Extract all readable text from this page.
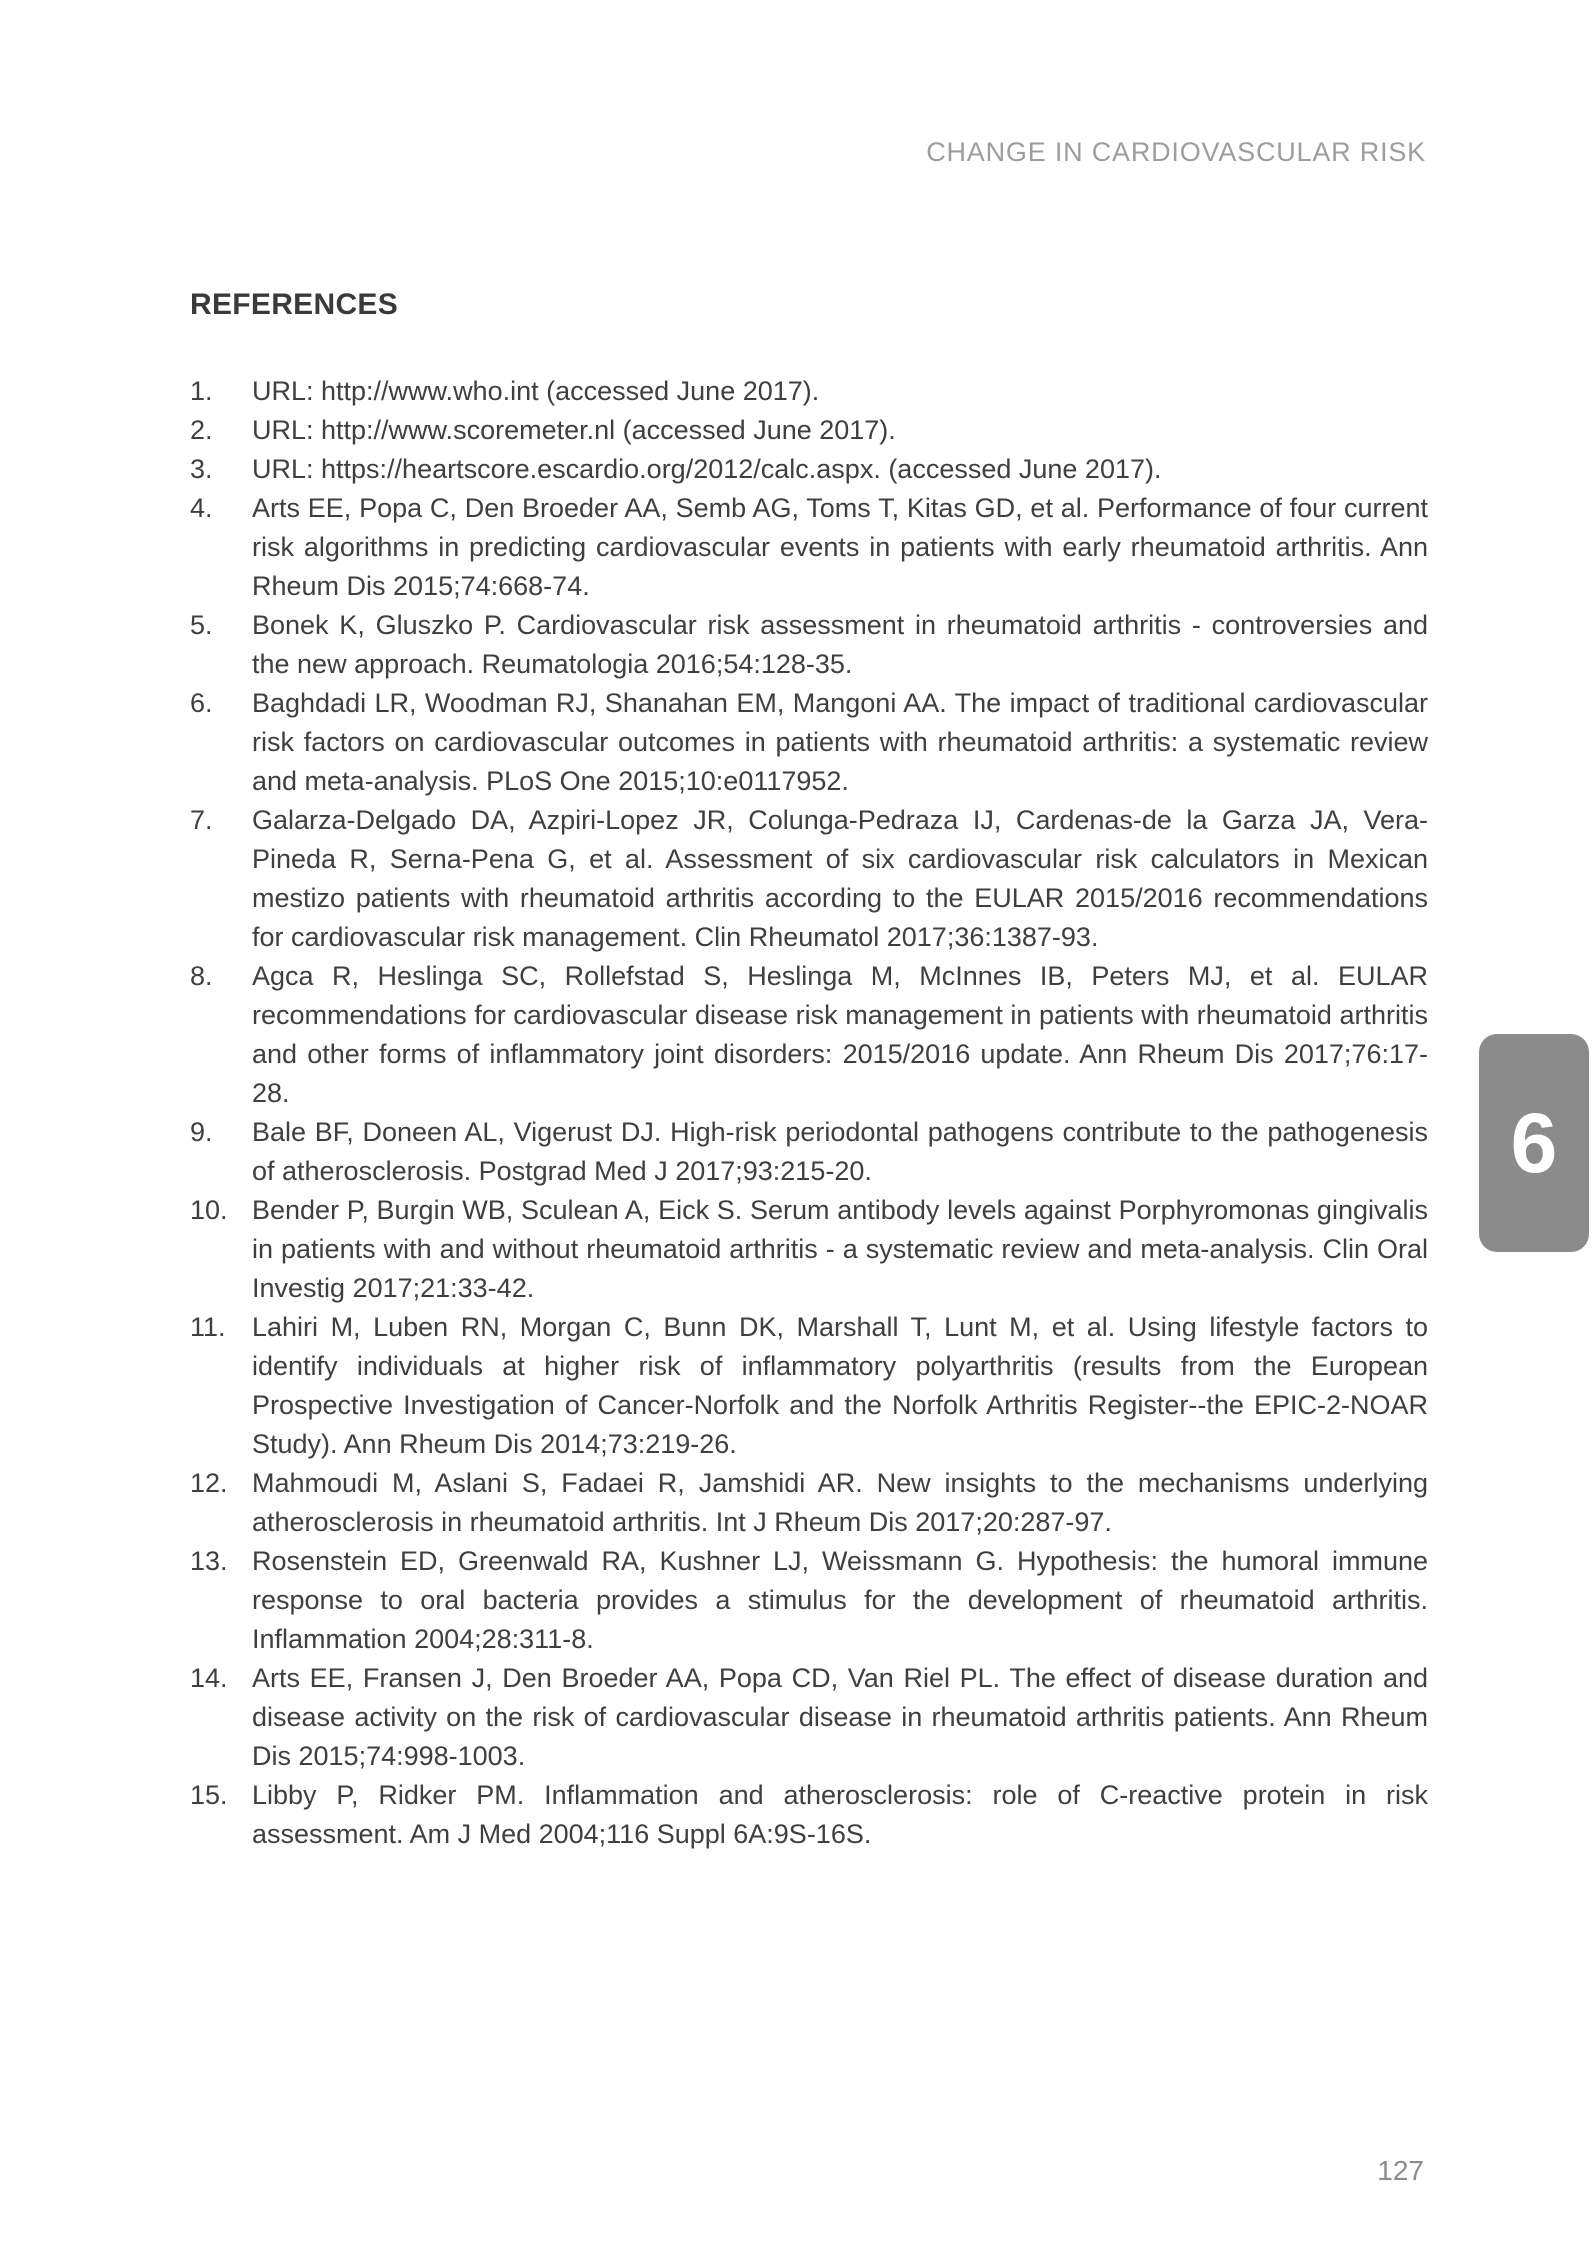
CHANGE IN CARDIOVASCULAR RISK
REFERENCES
1. URL: http://www.who.int (accessed June 2017).
2. URL: http://www.scoremeter.nl (accessed June 2017).
3. URL: https://heartscore.escardio.org/2012/calc.aspx. (accessed June 2017).
4. Arts EE, Popa C, Den Broeder AA, Semb AG, Toms T, Kitas GD, et al. Performance of four current risk algorithms in predicting cardiovascular events in patients with early rheumatoid arthritis. Ann Rheum Dis 2015;74:668-74.
5. Bonek K, Gluszko P. Cardiovascular risk assessment in rheumatoid arthritis - controversies and the new approach. Reumatologia 2016;54:128-35.
6. Baghdadi LR, Woodman RJ, Shanahan EM, Mangoni AA. The impact of traditional cardiovascular risk factors on cardiovascular outcomes in patients with rheumatoid arthritis: a systematic review and meta-analysis. PLoS One 2015;10:e0117952.
7. Galarza-Delgado DA, Azpiri-Lopez JR, Colunga-Pedraza IJ, Cardenas-de la Garza JA, Vera-Pineda R, Serna-Pena G, et al. Assessment of six cardiovascular risk calculators in Mexican mestizo patients with rheumatoid arthritis according to the EULAR 2015/2016 recommendations for cardiovascular risk management. Clin Rheumatol 2017;36:1387-93.
8. Agca R, Heslinga SC, Rollefstad S, Heslinga M, McInnes IB, Peters MJ, et al. EULAR recommendations for cardiovascular disease risk management in patients with rheumatoid arthritis and other forms of inflammatory joint disorders: 2015/2016 update. Ann Rheum Dis 2017;76:17-28.
9. Bale BF, Doneen AL, Vigerust DJ. High-risk periodontal pathogens contribute to the pathogenesis of atherosclerosis. Postgrad Med J 2017;93:215-20.
10. Bender P, Burgin WB, Sculean A, Eick S. Serum antibody levels against Porphyromonas gingivalis in patients with and without rheumatoid arthritis - a systematic review and meta-analysis. Clin Oral Investig 2017;21:33-42.
11. Lahiri M, Luben RN, Morgan C, Bunn DK, Marshall T, Lunt M, et al. Using lifestyle factors to identify individuals at higher risk of inflammatory polyarthritis (results from the European Prospective Investigation of Cancer-Norfolk and the Norfolk Arthritis Register--the EPIC-2-NOAR Study). Ann Rheum Dis 2014;73:219-26.
12. Mahmoudi M, Aslani S, Fadaei R, Jamshidi AR. New insights to the mechanisms underlying atherosclerosis in rheumatoid arthritis. Int J Rheum Dis 2017;20:287-97.
13. Rosenstein ED, Greenwald RA, Kushner LJ, Weissmann G. Hypothesis: the humoral immune response to oral bacteria provides a stimulus for the development of rheumatoid arthritis. Inflammation 2004;28:311-8.
14. Arts EE, Fransen J, Den Broeder AA, Popa CD, Van Riel PL. The effect of disease duration and disease activity on the risk of cardiovascular disease in rheumatoid arthritis patients. Ann Rheum Dis 2015;74:998-1003.
15. Libby P, Ridker PM. Inflammation and atherosclerosis: role of C-reactive protein in risk assessment. Am J Med 2004;116 Suppl 6A:9S-16S.
6
127
